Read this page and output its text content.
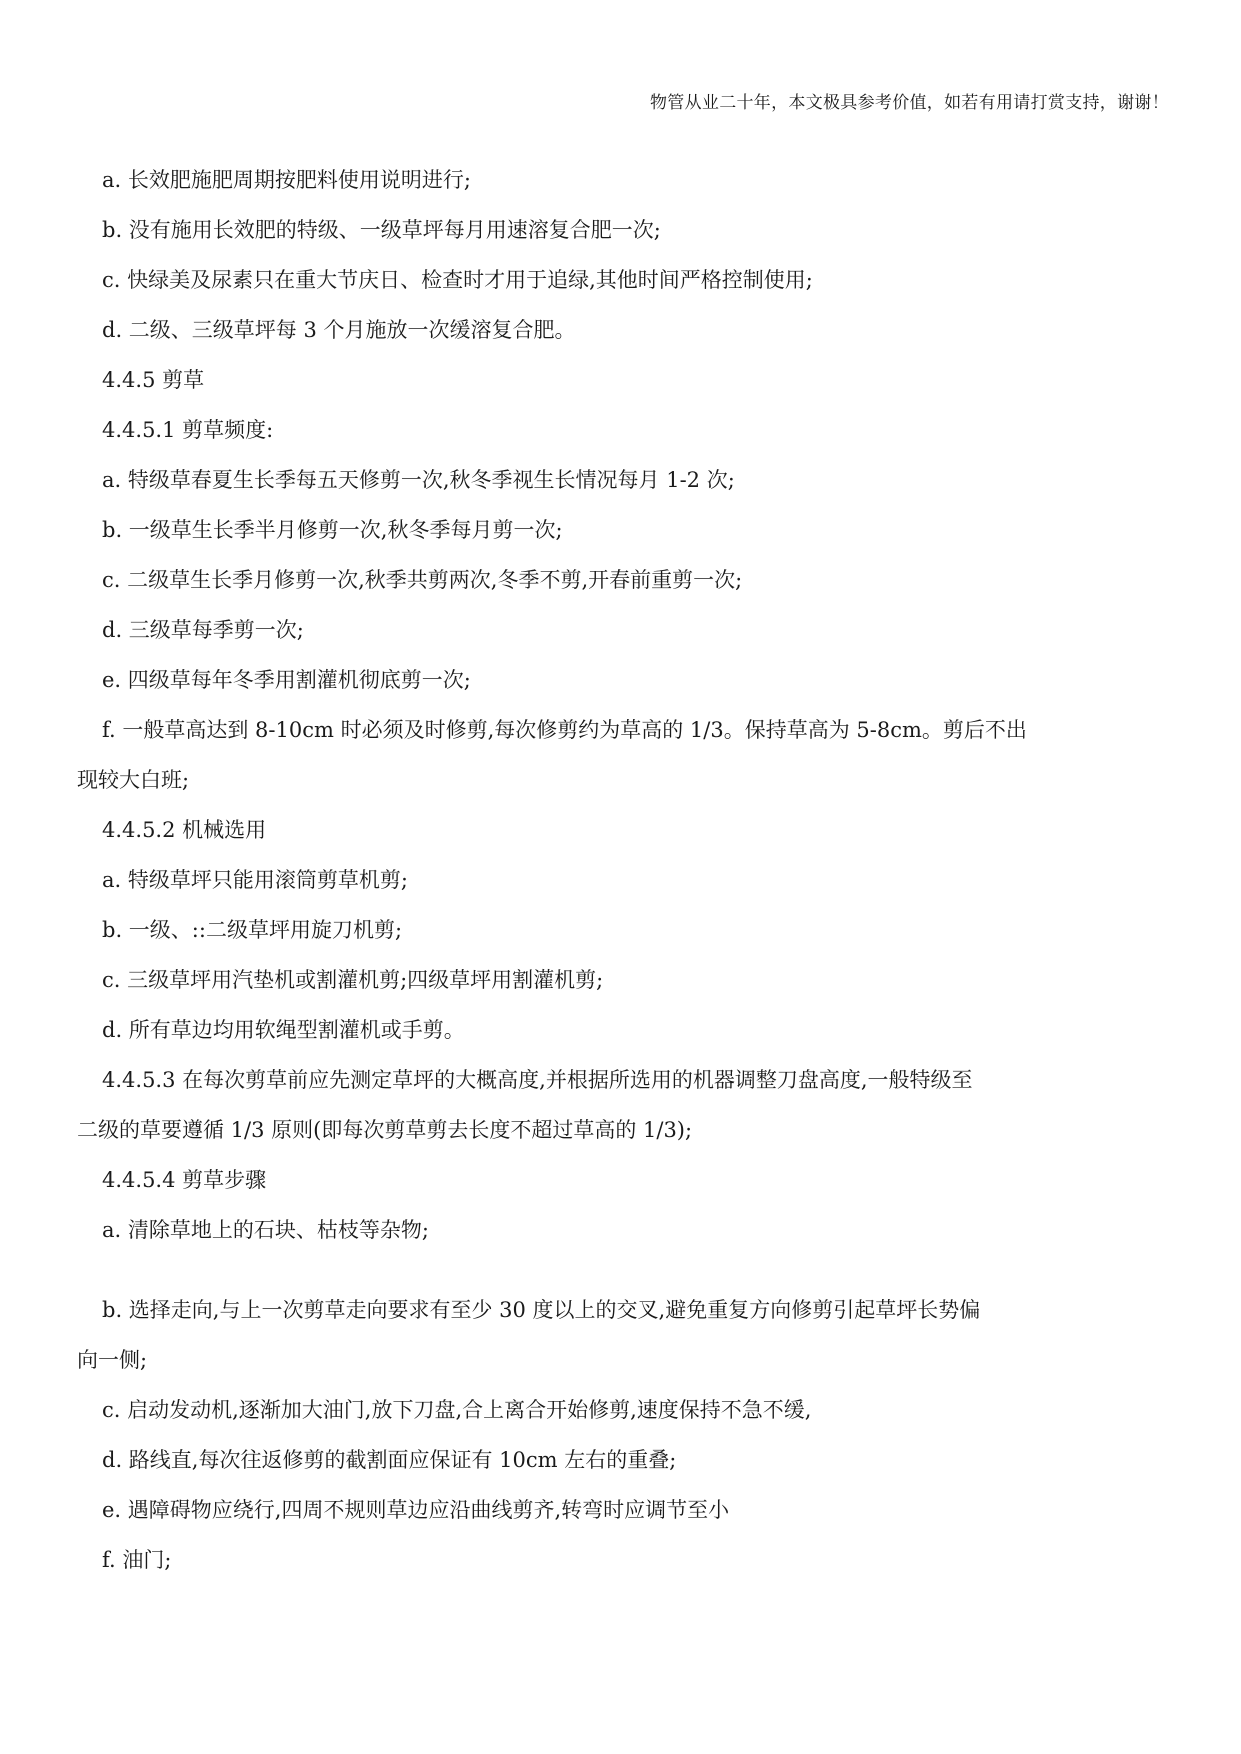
物管从业二十年，本文极具参考价值，如若有用请打赏支持，谢谢！
a. 长效肥施肥周期按肥料使用说明进行;
b. 没有施用长效肥的特级、一级草坪每月用速溶复合肥一次;
c. 快绿美及尿素只在重大节庆日、检查时才用于追绿,其他时间严格控制使用;
d. 二级、三级草坪每 3 个月施放一次缓溶复合肥。
4.4.5 剪草
4.4.5.1 剪草频度:
a. 特级草春夏生长季每五天修剪一次,秋冬季视生长情况每月 1-2 次;
b. 一级草生长季半月修剪一次,秋冬季每月剪一次;
c. 二级草生长季月修剪一次,秋季共剪两次,冬季不剪,开春前重剪一次;
d. 三级草每季剪一次;
e. 四级草每年冬季用割灌机彻底剪一次;
f. 一般草高达到 8-10cm 时必须及时修剪,每次修剪约为草高的 1/3。保持草高为 5-8cm。剪后不出
现较大白班;
4.4.5.2 机械选用
a. 特级草坪只能用滚筒剪草机剪;
b. 一级、::二级草坪用旋刀机剪;
c. 三级草坪用汽垫机或割灌机剪;四级草坪用割灌机剪;
d. 所有草边均用软绳型割灌机或手剪。
4.4.5.3 在每次剪草前应先测定草坪的大概高度,并根据所选用的机器调整刀盘高度,一般特级至
二级的草要遵循 1/3 原则(即每次剪草剪去长度不超过草高的 1/3);
4.4.5.4 剪草步骤
a. 清除草地上的石块、枯枝等杂物;
b. 选择走向,与上一次剪草走向要求有至少 30 度以上的交叉,避免重复方向修剪引起草坪长势偏
向一侧;
c. 启动发动机,逐渐加大油门,放下刀盘,合上离合开始修剪,速度保持不急不缓,
d. 路线直,每次往返修剪的截割面应保证有 10cm 左右的重叠;
e. 遇障碍物应绕行,四周不规则草边应沿曲线剪齐,转弯时应调节至小
f. 油门;
